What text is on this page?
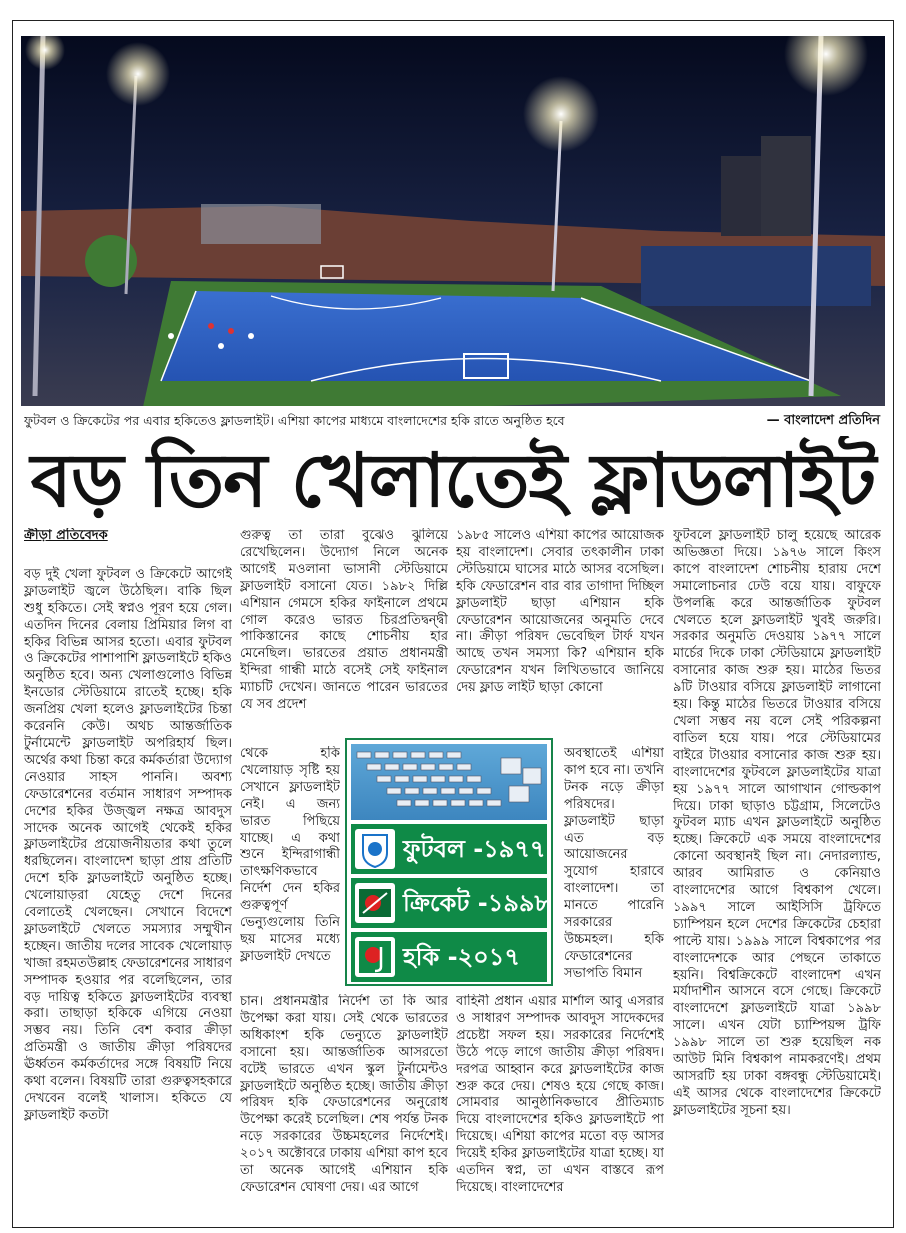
ফুটবল ও ক্রিকেটের পর এবার হকিতেও ফ্লাডলাইট। এশিয়া কাপের মাধ্যমে বাংলাদেশের হকি রাতে অনুষ্ঠিত হবে	— বাংলাদেশ প্রতিদিন
বড় তিন খেলাতেই ফ্লাডলাইট
ক্রীড়া প্রতিবেদক

বড় দুই খেলা ফুটবল ও ক্রিকেটে আগেই ফ্লাডলাইট জ্বলে উঠেছিল। বাকি ছিল শুধু হকিতে। সেই স্বপ্নও পূরণ হয়ে গেল। এতদিন দিনের বেলায় প্রিমিয়ার লিগ বা হকির বিভিন্ন আসর হতো। এবার ফুটবল ও ক্রিকেটের পাশাপাশি ফ্লাডলাইটে হকিও অনুষ্ঠিত হবে। অন্য খেলাগুলোও বিভিন্ন ইনডোর স্টেডিয়ামে রাতেই হচ্ছে। হকি জনপ্রিয় খেলা হলেও ফ্লাডলাইটের চিন্তা করেননি কেউ। অথচ আন্তর্জাতিক টুর্নামেন্টে ফ্লাডলাইট অপরিহার্য ছিল। অর্থের কথা চিন্তা করে কর্মকর্তারা উদ্যোগ নেওয়ার সাহস পাননি। অবশ্য ফেডারেশনের বর্তমান সাধারণ সম্পাদক দেশের হকির উজ্জ্বল নক্ষত্র আবদুস সাদেক অনেক আগেই থেকেই হকির ফ্লাডলাইটের প্রয়োজনীয়তার কথা তুলে ধরছিলেন। বাংলাদেশ ছাড়া প্রায় প্রতিটি দেশে হকি ফ্লাডলাইটে অনুষ্ঠিত হচ্ছে। খেলোয়াড়রা যেহেতু দেশে দিনের বেলাতেই খেলছেন। সেখানে বিদেশে ফ্লাডলাইটে খেলতে সমস্যার সম্মুখীন হচ্ছেন। জাতীয় দলের সাবেক খেলোয়াড় খাজা রহমতউল্লাহ ফেডারেশনের সাধারণ সম্পাদক হওয়ার পর বলেছিলেন, তার বড় দায়িত্ব হকিতে ফ্লাডলাইটের ব্যবস্থা করা। তাছাড়া হকিকে এগিয়ে নেওয়া সম্ভব নয়। তিনি বেশ কবার ক্রীড়া প্রতিমন্ত্রী ও জাতীয় ক্রীড়া পরিষদের ঊর্ধ্বতন কর্মকর্তাদের সঙ্গে বিষয়টি নিয়ে কথা বলেন। বিষয়টি তারা গুরুত্বসহকারে দেখবেন বলেই খালাস। হকিতে যে ফ্লাডলাইট কতটা

গুরুত্ব তা তারা বুঝেও ঝুলিয়ে রেখেছিলেন। উদ্যোগ নিলে অনেক আগেই মওলানা ভাসানী স্টেডিয়ামে ফ্লাডলাইট বসানো যেত। ১৯৮২ দিল্লি এশিয়ান গেমসে হকির ফাইনালে প্রথমে গোল করেও ভারত চিরপ্রতিদ্বন্দ্বী পাকিস্তানের কাছে শোচনীয় হার মেনেছিল। ভারতের প্রয়াত প্রধানমন্ত্রী ইন্দিরা গান্ধী মাঠে বসেই সেই ফাইনাল ম্যাচটি দেখেন। জানতে পারেন ভারতের যে সব প্রদেশ

থেকে হকি খেলোয়াড় সৃষ্টি হয় সেখানে ফ্লাডলাইট নেই। এ জন্য ভারত পিছিয়ে যাচ্ছে। এ কথা শুনে ইন্দিরাগান্ধী তাৎক্ষণিকভাবে নির্দেশ দেন হকির গুরুত্বপূর্ণ ভেন্যুগুলোয় তিনি ছয় মাসের মধ্যে ফ্লাডলাইট দেখতে

চান। প্রধানমন্ত্রীর নির্দেশ তা কি আর উপেক্ষা করা যায়। সেই থেকে ভারতের অধিকাংশ হকি ভেন্যুতে ফ্লাডলাইট বসানো হয়। আন্তর্জাতিক আসরতো বটেই ভারতে এখন স্কুল টুর্নামেন্টও ফ্লাডলাইটে অনুষ্ঠিত হচ্ছে। জাতীয় ক্রীড়া পরিষদ হকি ফেডারেশনের অনুরোধ উপেক্ষা করেই চলেছিল। শেষ পর্যন্ত টনক নড়ে সরকারের উচ্চমহলের নির্দেশেই। ২০১৭ অক্টোবরে ঢাকায় এশিয়া কাপ হবে তা অনেক আগেই এশিয়ান হকি ফেডারেশন ঘোষণা দেয়। এর আগে

১৯৮৫ সালেও এশিয়া কাপের আয়োজক হয় বাংলাদেশ। সেবার তৎকালীন ঢাকা স্টেডিয়ামে ঘাসের মাঠে আসর বসেছিল। হকি ফেডারেশন বার বার তাগাদা দিচ্ছিল ফ্লাডলাইট ছাড়া এশিয়ান হকি ফেডারেশন আয়োজনের অনুমতি দেবে না। ক্রীড়া পরিষদ ভেবেছিল টার্ফ যখন আছে তখন সমস্যা কি? এশিয়ান হকি ফেডারেশন যখন লিখিতভাবে জানিয়ে দেয় ফ্লাড লাইট ছাড়া কোনো

অবস্থাতেই এশিয়া কাপ হবে না। তখনি টনক নড়ে ক্রীড়া পরিষদের। ফ্লাডলাইট ছাড়া এত বড় আয়োজনের সুযোগ হারাবে বাংলাদেশ। তা মানতে পারেনি সরকারের উচ্চমহল। হকি ফেডারেশনের সভাপতি বিমান

বাহিনী প্রধান এয়ার মার্শাল আবু এসরার ও সাধারণ সম্পাদক আবদুস সাদেকদের প্রচেষ্টা সফল হয়। সরকারের নির্দেশেই উঠে পড়ে লাগে জাতীয় ক্রীড়া পরিষদ। দরপত্র আহ্বান করে ফ্লাডলাইটের কাজ শুরু করে দেয়। শেষও হয়ে গেছে কাজ। সোমবার আনুষ্ঠানিকভাবে প্রীতিম্যাচ দিয়ে বাংলাদেশের হকিও ফ্লাডলাইটে পা দিয়েছে। এশিয়া কাপের মতো বড় আসর দিয়েই হকির ফ্লাডলাইটের যাত্রা হচ্ছে। যা এতদিন স্বপ্ন, তা এখন বাস্তবে রূপ দিয়েছে। বাংলাদেশের

ফুটবলে ফ্লাডলাইট চালু হয়েছে আরেক অভিজ্ঞতা দিয়ে। ১৯৭৬ সালে কিংস কাপে বাংলাদেশ শোচনীয় হারায় দেশে সমালোচনার ঢেউ বয়ে যায়। বাফুফে উপলব্ধি করে আন্তর্জাতিক ফুটবল খেলতে হলে ফ্লাডলাইট খুবই জরুরি। সরকার অনুমতি দেওয়ায় ১৯৭৭ সালে মার্চের দিকে ঢাকা স্টেডিয়ামে ফ্লাডলাইট বসানোর কাজ শুরু হয়। মাঠের ভিতর ৯টি টাওয়ার বসিয়ে ফ্লাডলাইট লাগানো হয়। কিন্তু মাঠের ভিতরে টাওয়ার বসিয়ে খেলা সম্ভব নয় বলে সেই পরিকল্পনা বাতিল হয়ে যায়। পরে স্টেডিয়ামের বাইরে টাওয়ার বসানোর কাজ শুরু হয়। বাংলাদেশের ফুটবলে ফ্লাডলাইটের যাত্রা হয় ১৯৭৭ সালে আগাখান গোল্ডকাপ দিয়ে। ঢাকা ছাড়াও চট্টগ্রাম, সিলেটেও ফুটবল ম্যাচ এখন ফ্লাডলাইটে অনুষ্ঠিত হচ্ছে। ক্রিকেটে এক সময়ে বাংলাদেশের কোনো অবস্থানই ছিল না। নেদারল্যান্ড, আরব আমিরাত ও কেনিয়াও বাংলাদেশের আগে বিশ্বকাপ খেলে। ১৯৯৭ সালে আইসিসি ট্রফিতে চ্যাম্পিয়ন হলে দেশের ক্রিকেটের চেহারা পাল্টে যায়। ১৯৯৯ সালে বিশ্বকাপের পর বাংলাদেশকে আর পেছনে তাকাতে হয়নি। বিশ্বক্রিকেটে বাংলাদেশ এখন মর্যাদাশীন আসনে বসে গেছে। ক্রিকেটে বাংলাদেশে ফ্লাডলাইটে যাত্রা ১৯৯৮ সালে। এখন যেটা চ্যাম্পিয়ন্স ট্রফি ১৯৯৮ সালে তা শুরু হয়েছিল নক আউট মিনি বিশ্বকাপ নামকরণেই। প্রথম আসরটি হয় ঢাকা বঙ্গবন্ধু স্টেডিয়ামেই। এই আসর থেকে বাংলাদেশের ক্রিকেটে ফ্লাডলাইটের সূচনা হয়।

ফুটবল -১৯৭৭
ক্রিকেট -১৯৯৮
হকি -২০১৭
